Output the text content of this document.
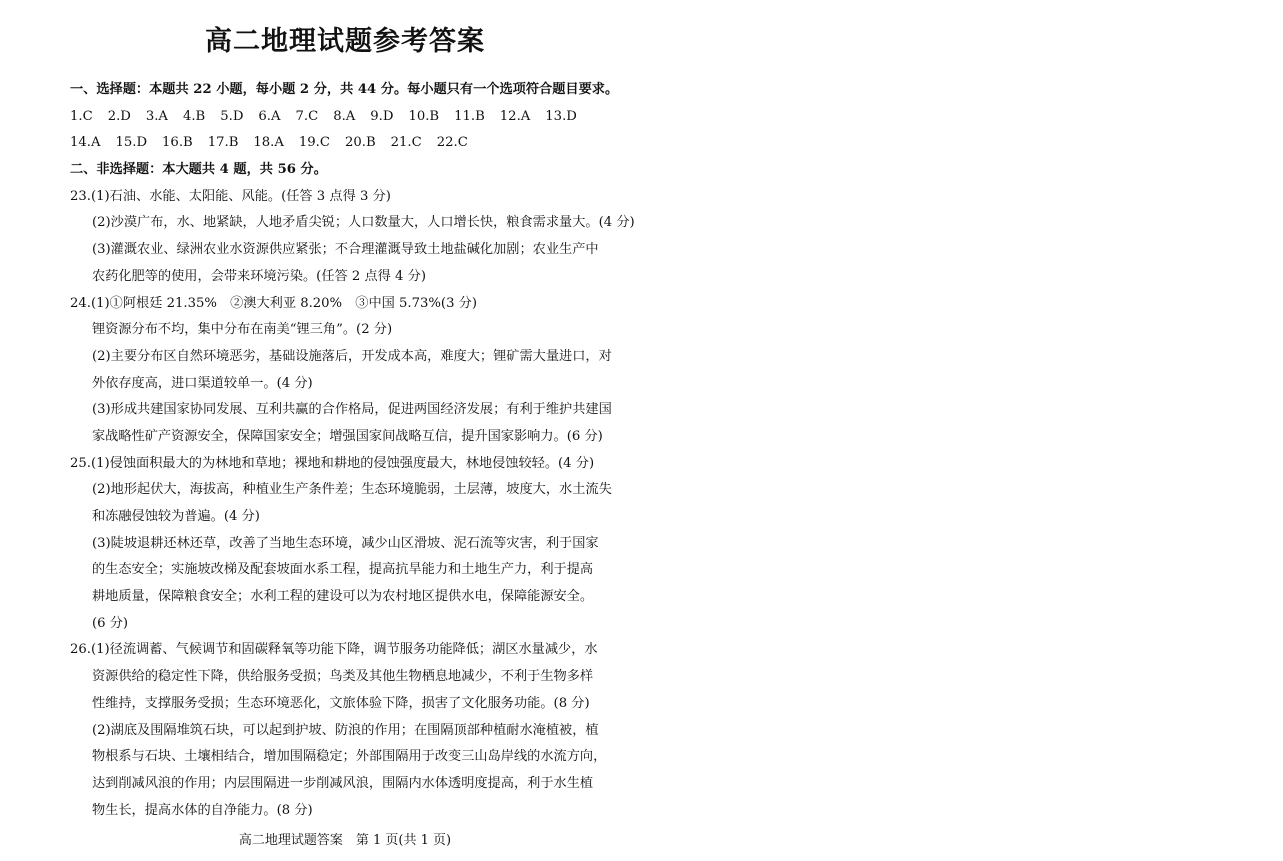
高二地理试题参考答案
一、选择题：本题共 22 小题，每小题 2 分，共 44 分。每小题只有一个选项符合题目要求。
1.C 2.D 3.A 4.B 5.D 6.A 7.C 8.A 9.D 10.B 11.B 12.A 13.D
14.A 15.D 16.B 17.B 18.A 19.C 20.B 21.C 22.C
二、非选择题：本大题共 4 题，共 56 分。
23.(1)石油、水能、太阳能、风能。(任答 3 点得 3 分)
(2)沙漠广布，水、地紧缺，人地矛盾尖锐；人口数量大，人口增长快，粮食需求量大。(4 分)
(3)灌溉农业、绿洲农业水资源供应紧张；不合理灌溉导致土地盐碱化加剧；农业生产中
农药化肥等的使用，会带来环境污染。(任答 2 点得 4 分)
24.(1)①阿根廷 21.35%　②澳大利亚 8.20%　③中国 5.73%(3 分)
锂资源分布不均，集中分布在南美“锂三角”。(2 分)
(2)主要分布区自然环境恶劣，基础设施落后，开发成本高，难度大；锂矿需大量进口，对
外依存度高，进口渠道较单一。(4 分)
(3)形成共建国家协同发展、互利共赢的合作格局，促进两国经济发展；有利于维护共建国
家战略性矿产资源安全，保障国家安全；增强国家间战略互信，提升国家影响力。(6 分)
25.(1)侵蚀面积最大的为林地和草地；裸地和耕地的侵蚀强度最大，林地侵蚀较轻。(4 分)
(2)地形起伏大，海拔高，种植业生产条件差；生态环境脆弱，土层薄，坡度大，水土流失
和冻融侵蚀较为普遍。(4 分)
(3)陡坡退耕还林还草，改善了当地生态环境，减少山区滑坡、泥石流等灾害，利于国家
的生态安全；实施坡改梯及配套坡面水系工程，提高抗旱能力和土地生产力，利于提高
耕地质量，保障粮食安全；水利工程的建设可以为农村地区提供水电，保障能源安全。
(6 分)
26.(1)径流调蓄、气候调节和固碳释氧等功能下降，调节服务功能降低；湖区水量减少，水
资源供给的稳定性下降，供给服务受损；鸟类及其他生物栖息地减少，不利于生物多样
性维持，支撑服务受损；生态环境恶化，文旅体验下降，损害了文化服务功能。(8 分)
(2)湖底及围隔堆筑石块，可以起到护坡、防浪的作用；在围隔顶部种植耐水淹植被，植
物根系与石块、土壤相结合，增加围隔稳定；外部围隔用于改变三山岛岸线的水流方向，
达到削减风浪的作用；内层围隔进一步削减风浪，围隔内水体透明度提高，利于水生植
物生长，提高水体的自净能力。(8 分)
高二地理试题答案　第 1 页(共 1 页)
